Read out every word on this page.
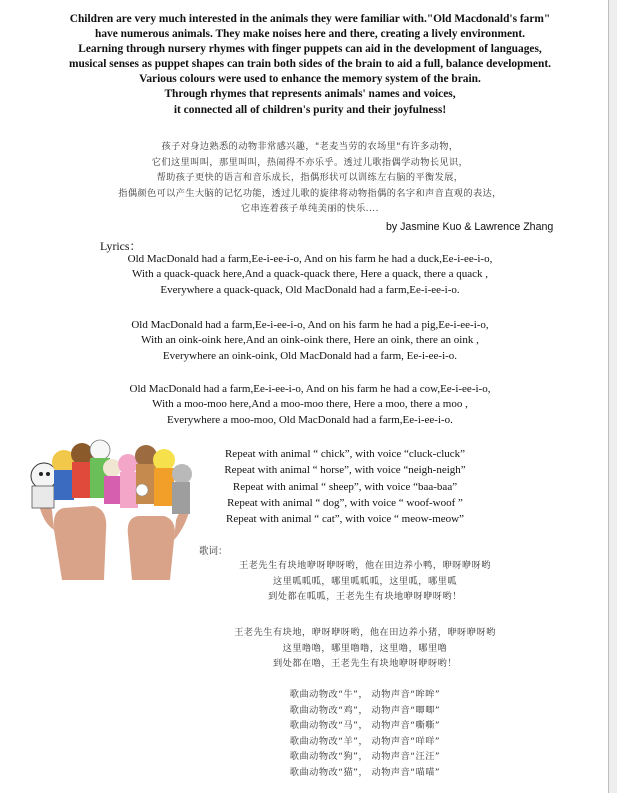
Children are very much interested in the animals they were familiar with."Old Macdonald's farm"
have numerous animals. They make noises here and there, creating a lively environment.
Learning through nursery rhymes with finger puppets can aid in the development of languages,
musical senses as puppet shapes can train both sides of the brain to aid a full, balance development.
Various colours were used to enhance the memory system of the brain.
Through rhymes that represents animals' names and voices,
it connected all of children's purity and their joyfulness!
孩子对身边熟悉的动物非常感兴趣，"老麦当劳的农场里"有许多动物，
它们这里叫叫，那里叫叫，热闹得不亦乐乎。透过儿歌指偶学动物长见识，
帮助孩子更快的语言和音乐成长，指偶形状可以训练左右脑的平衡发展，
指偶颜色可以产生大脑的记忆功能，透过儿歌的旋律将动物指偶的名字和声音直观的表达，
它串连着孩子单纯美丽的快乐....
by Jasmine Kuo & Lawrence Zhang
Lyrics：
Old MacDonald had a farm,Ee-i-ee-i-o, And on his farm he had a duck,Ee-i-ee-i-o,
With a quack-quack here,And a quack-quack there, Here a quack, there a quack ,
Everywhere a quack-quack, Old MacDonald had a farm,Ee-i-ee-i-o.
Old MacDonald had a farm,Ee-i-ee-i-o, And on his farm he had a pig,Ee-i-ee-i-o,
With an oink-oink here,And an oink-oink there, Here an oink, there an oink ,
Everywhere an oink-oink, Old MacDonald had a farm, Ee-i-ee-i-o.
Old MacDonald had a farm,Ee-i-ee-i-o, And on his farm he had a cow,Ee-i-ee-i-o,
With a moo-moo here,And a moo-moo there, Here a moo, there a moo ,
Everywhere a moo-moo, Old MacDonald had a farm,Ee-i-ee-i-o.
Repeat with animal “ chick”, with voice “cluck-cluck”
Repeat with animal “ horse”, with voice “neigh-neigh”
Repeat with animal “ sheep”, with voice “baa-baa”
Repeat with animal “ dog”, with voice “ woof-woof ”
Repeat with animal “ cat”, with voice “ meow-meow”
歌词：
王老先生有块地咿呀咿呀哟，他在田边养小鸭，咿呀咿呀哟
这里呱呱呱，哪里呱呱呱，这里呱，哪里呱
到处都在呱呱，王老先生有块地咿呀咿呀哟！
王老先生有块地，咿呀咿呀哟，他在田边养小猪，咿呀咿呀哟
这里噜噜，哪里噜噜，这里噜，哪里噜
到处都在噜，王老先生有块地咿呀咿呀哟！
歌曲动物改“牛”， 动物声音“哞哞”
歌曲动物改“鸡”， 动物声音“唧唧”
歌曲动物改“马”， 动物声音“嘶嘶”
歌曲动物改“羊”， 动物声音“咩咩”
歌曲动物改“狗”， 动物声音“汪汪”
歌曲动物改“猫”， 动物声音“喵喵”
